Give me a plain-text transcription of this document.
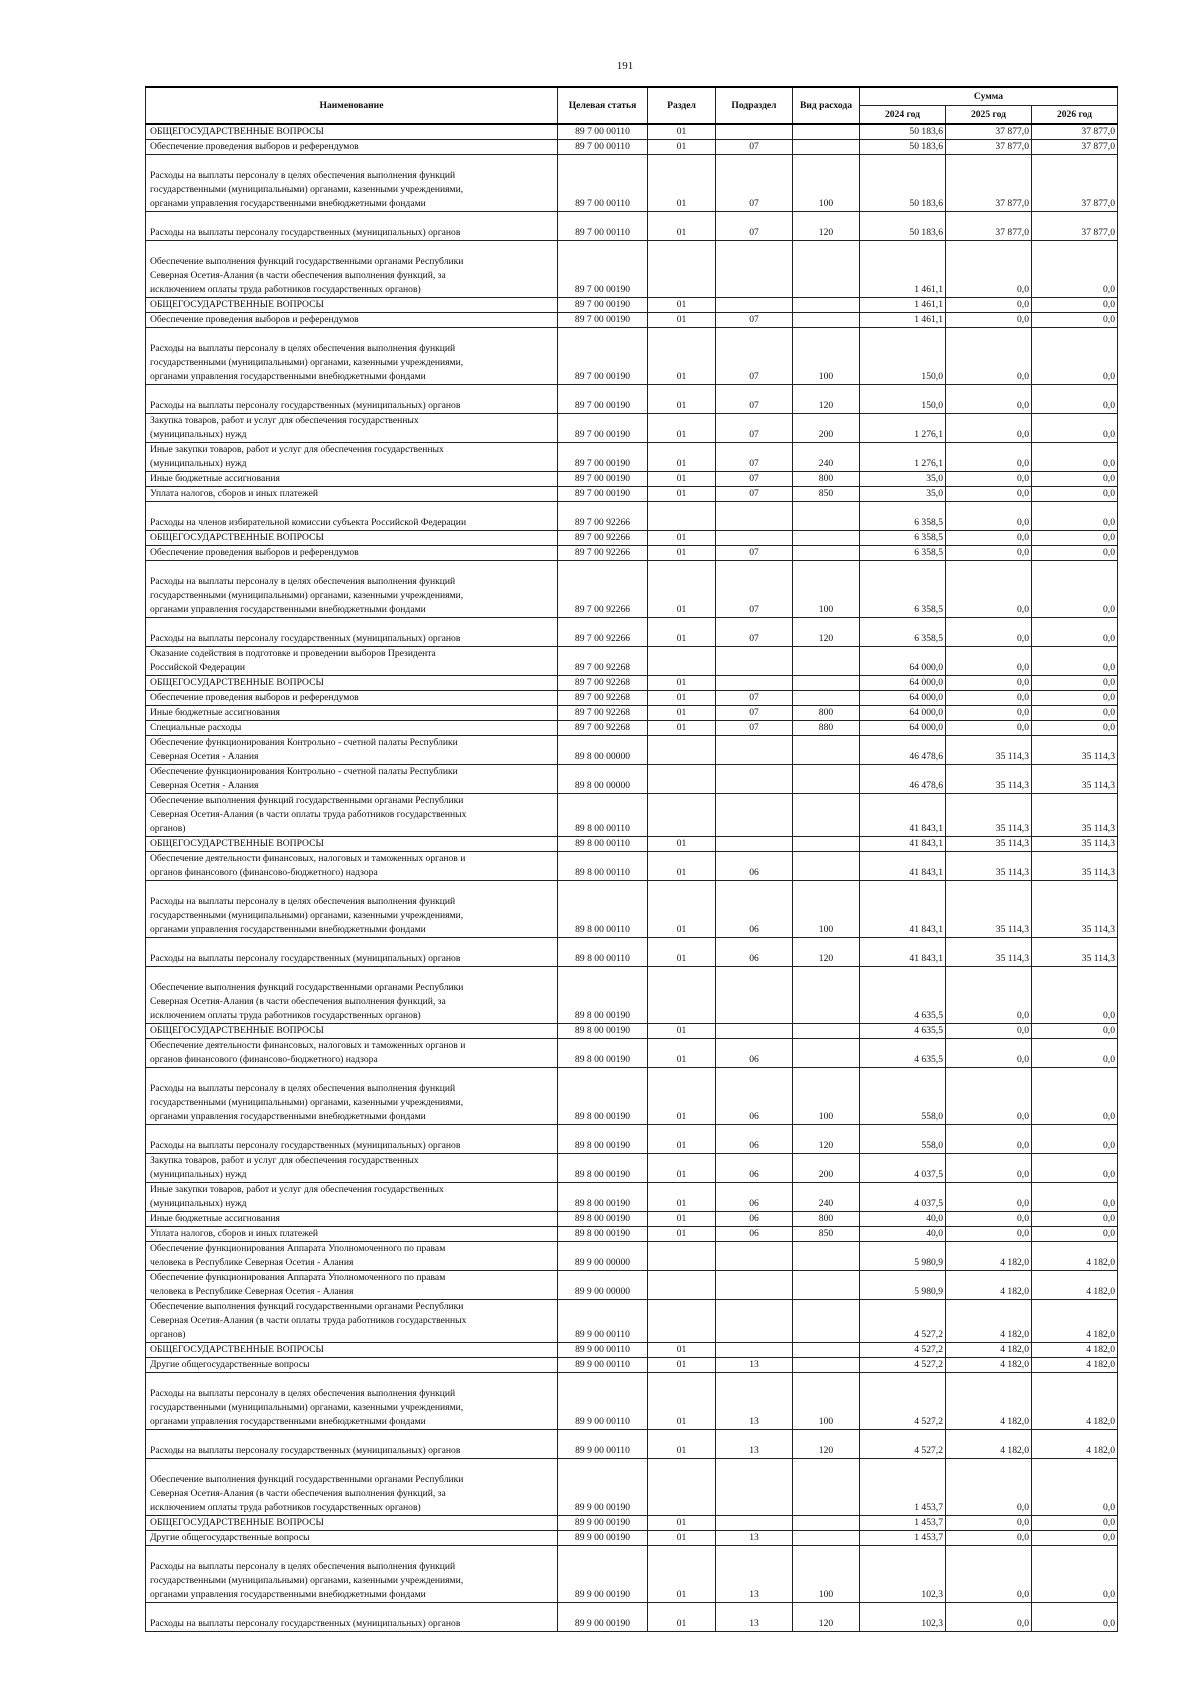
191
Наименование	Целевая статья	Раздел	Подраздел	Вид расхода	Сумма		
					2024 год	2025 год	2026 год
ОБЩЕГОСУДАРСТВЕННЫЕ ВОПРОСЫ	89 7 00 00110	01			50 183,6	37 877,0	37 877,0
Обеспечение проведения выборов и референдумов	89 7 00 00110	01	07		50 183,6	37 877,0	37 877,0

Расходы на выплаты персоналу в целях обеспечения выполнения функций
государственными (муниципальными) органами, казенными учреждениями,
органами управления государственными внебюджетными фондами	89 7 00 00110	01	07	100	50 183,6	37 877,0	37 877,0

Расходы на выплаты персоналу государственных (муниципальных) органов	89 7 00 00110	01	07	120	50 183,6	37 877,0	37 877,0

Обеспечение выполнения функций государственными органами Республики
Северная Осетия-Алания (в части обеспечения выполнения функций, за
исключением оплаты труда работников государственных органов)	89 7 00 00190				1 461,1	0,0	0,0
ОБЩЕГОСУДАРСТВЕННЫЕ ВОПРОСЫ	89 7 00 00190	01			1 461,1	0,0	0,0
Обеспечение проведения выборов и референдумов	89 7 00 00190	01	07		1 461,1	0,0	0,0

Расходы на выплаты персоналу в целях обеспечения выполнения функций
государственными (муниципальными) органами, казенными учреждениями,
органами управления государственными внебюджетными фондами	89 7 00 00190	01	07	100	150,0	0,0	0,0

Расходы на выплаты персоналу государственных (муниципальных) органов	89 7 00 00190	01	07	120	150,0	0,0	0,0
Закупка товаров, работ и услуг для обеспечения государственных
(муниципальных) нужд	89 7 00 00190	01	07	200	1 276,1	0,0	0,0
Иные закупки товаров, работ и услуг для обеспечения государственных
(муниципальных) нужд	89 7 00 00190	01	07	240	1 276,1	0,0	0,0
Иные бюджетные ассигнования	89 7 00 00190	01	07	800	35,0	0,0	0,0
Уплата налогов, сборов и иных платежей	89 7 00 00190	01	07	850	35,0	0,0	0,0

Расходы на членов избирательной комиссии субъекта Российской Федерации	89 7 00 92266				6 358,5	0,0	0,0
ОБЩЕГОСУДАРСТВЕННЫЕ ВОПРОСЫ	89 7 00 92266	01			6 358,5	0,0	0,0
Обеспечение проведения выборов и референдумов	89 7 00 92266	01	07		6 358,5	0,0	0,0

Расходы на выплаты персоналу в целях обеспечения выполнения функций
государственными (муниципальными) органами, казенными учреждениями,
органами управления государственными внебюджетными фондами	89 7 00 92266	01	07	100	6 358,5	0,0	0,0

Расходы на выплаты персоналу государственных (муниципальных) органов	89 7 00 92266	01	07	120	6 358,5	0,0	0,0
Оказание содействия в подготовке и проведении выборов Президента
Российской Федерации	89 7 00 92268				64 000,0	0,0	0,0
ОБЩЕГОСУДАРСТВЕННЫЕ ВОПРОСЫ	89 7 00 92268	01			64 000,0	0,0	0,0
Обеспечение проведения выборов и референдумов	89 7 00 92268	01	07		64 000,0	0,0	0,0
Иные бюджетные ассигнования	89 7 00 92268	01	07	800	64 000,0	0,0	0,0
Специальные расходы	89 7 00 92268	01	07	880	64 000,0	0,0	0,0
Обеспечение функционирования Контрольно - счетной палаты Республики
Северная Осетия - Алания	89 8 00 00000				46 478,6	35 114,3	35 114,3
Обеспечение функционирования Контрольно - счетной палаты Республики
Северная Осетия - Алания	89 8 00 00000				46 478,6	35 114,3	35 114,3
Обеспечение выполнения функций государственными органами Республики
Северная Осетия-Алания (в части оплаты труда работников государственных
органов)	89 8 00 00110				41 843,1	35 114,3	35 114,3
ОБЩЕГОСУДАРСТВЕННЫЕ ВОПРОСЫ	89 8 00 00110	01			41 843,1	35 114,3	35 114,3
Обеспечение деятельности финансовых, налоговых и таможенных органов и
органов финансового (финансово-бюджетного) надзора	89 8 00 00110	01	06		41 843,1	35 114,3	35 114,3

Расходы на выплаты персоналу в целях обеспечения выполнения функций
государственными (муниципальными) органами, казенными учреждениями,
органами управления государственными внебюджетными фондами	89 8 00 00110	01	06	100	41 843,1	35 114,3	35 114,3

Расходы на выплаты персоналу государственных (муниципальных) органов	89 8 00 00110	01	06	120	41 843,1	35 114,3	35 114,3

Обеспечение выполнения функций государственными органами Республики
Северная Осетия-Алания (в части обеспечения выполнения функций, за
исключением оплаты труда работников государственных органов)	89 8 00 00190				4 635,5	0,0	0,0
ОБЩЕГОСУДАРСТВЕННЫЕ ВОПРОСЫ	89 8 00 00190	01			4 635,5	0,0	0,0
Обеспечение деятельности финансовых, налоговых и таможенных органов и
органов финансового (финансово-бюджетного) надзора	89 8 00 00190	01	06		4 635,5	0,0	0,0

Расходы на выплаты персоналу в целях обеспечения выполнения функций
государственными (муниципальными) органами, казенными учреждениями,
органами управления государственными внебюджетными фондами	89 8 00 00190	01	06	100	558,0	0,0	0,0

Расходы на выплаты персоналу государственных (муниципальных) органов	89 8 00 00190	01	06	120	558,0	0,0	0,0
Закупка товаров, работ и услуг для обеспечения государственных
(муниципальных) нужд	89 8 00 00190	01	06	200	4 037,5	0,0	0,0
Иные закупки товаров, работ и услуг для обеспечения государственных
(муниципальных) нужд	89 8 00 00190	01	06	240	4 037,5	0,0	0,0
Иные бюджетные ассигнования	89 8 00 00190	01	06	800	40,0	0,0	0,0
Уплата налогов, сборов и иных платежей	89 8 00 00190	01	06	850	40,0	0,0	0,0
Обеспечение функционирования Аппарата Уполномоченного по правам
человека в Республике Северная Осетия - Алания	89 9 00 00000				5 980,9	4 182,0	4 182,0
Обеспечение функционирования Аппарата Уполномоченного по правам
человека в Республике Северная Осетия - Алания	89 9 00 00000				5 980,9	4 182,0	4 182,0
Обеспечение выполнения функций государственными органами Республики
Северная Осетия-Алания (в части оплаты труда работников государственных
органов)	89 9 00 00110				4 527,2	4 182,0	4 182,0
ОБЩЕГОСУДАРСТВЕННЫЕ ВОПРОСЫ	89 9 00 00110	01			4 527,2	4 182,0	4 182,0
Другие общегосударственные вопросы	89 9 00 00110	01	13		4 527,2	4 182,0	4 182,0

Расходы на выплаты персоналу в целях обеспечения выполнения функций
государственными (муниципальными) органами, казенными учреждениями,
органами управления государственными внебюджетными фондами	89 9 00 00110	01	13	100	4 527,2	4 182,0	4 182,0

Расходы на выплаты персоналу государственных (муниципальных) органов	89 9 00 00110	01	13	120	4 527,2	4 182,0	4 182,0

Обеспечение выполнения функций государственными органами Республики
Северная Осетия-Алания (в части обеспечения выполнения функций, за
исключением оплаты труда работников государственных органов)	89 9 00 00190				1 453,7	0,0	0,0
ОБЩЕГОСУДАРСТВЕННЫЕ ВОПРОСЫ	89 9 00 00190	01			1 453,7	0,0	0,0
Другие общегосударственные вопросы	89 9 00 00190	01	13		1 453,7	0,0	0,0

Расходы на выплаты персоналу в целях обеспечения выполнения функций
государственными (муниципальными) органами, казенными учреждениями,
органами управления государственными внебюджетными фондами	89 9 00 00190	01	13	100	102,3	0,0	0,0

Расходы на выплаты персоналу государственных (муниципальных) органов	89 9 00 00190	01	13	120	102,3	0,0	0,0
